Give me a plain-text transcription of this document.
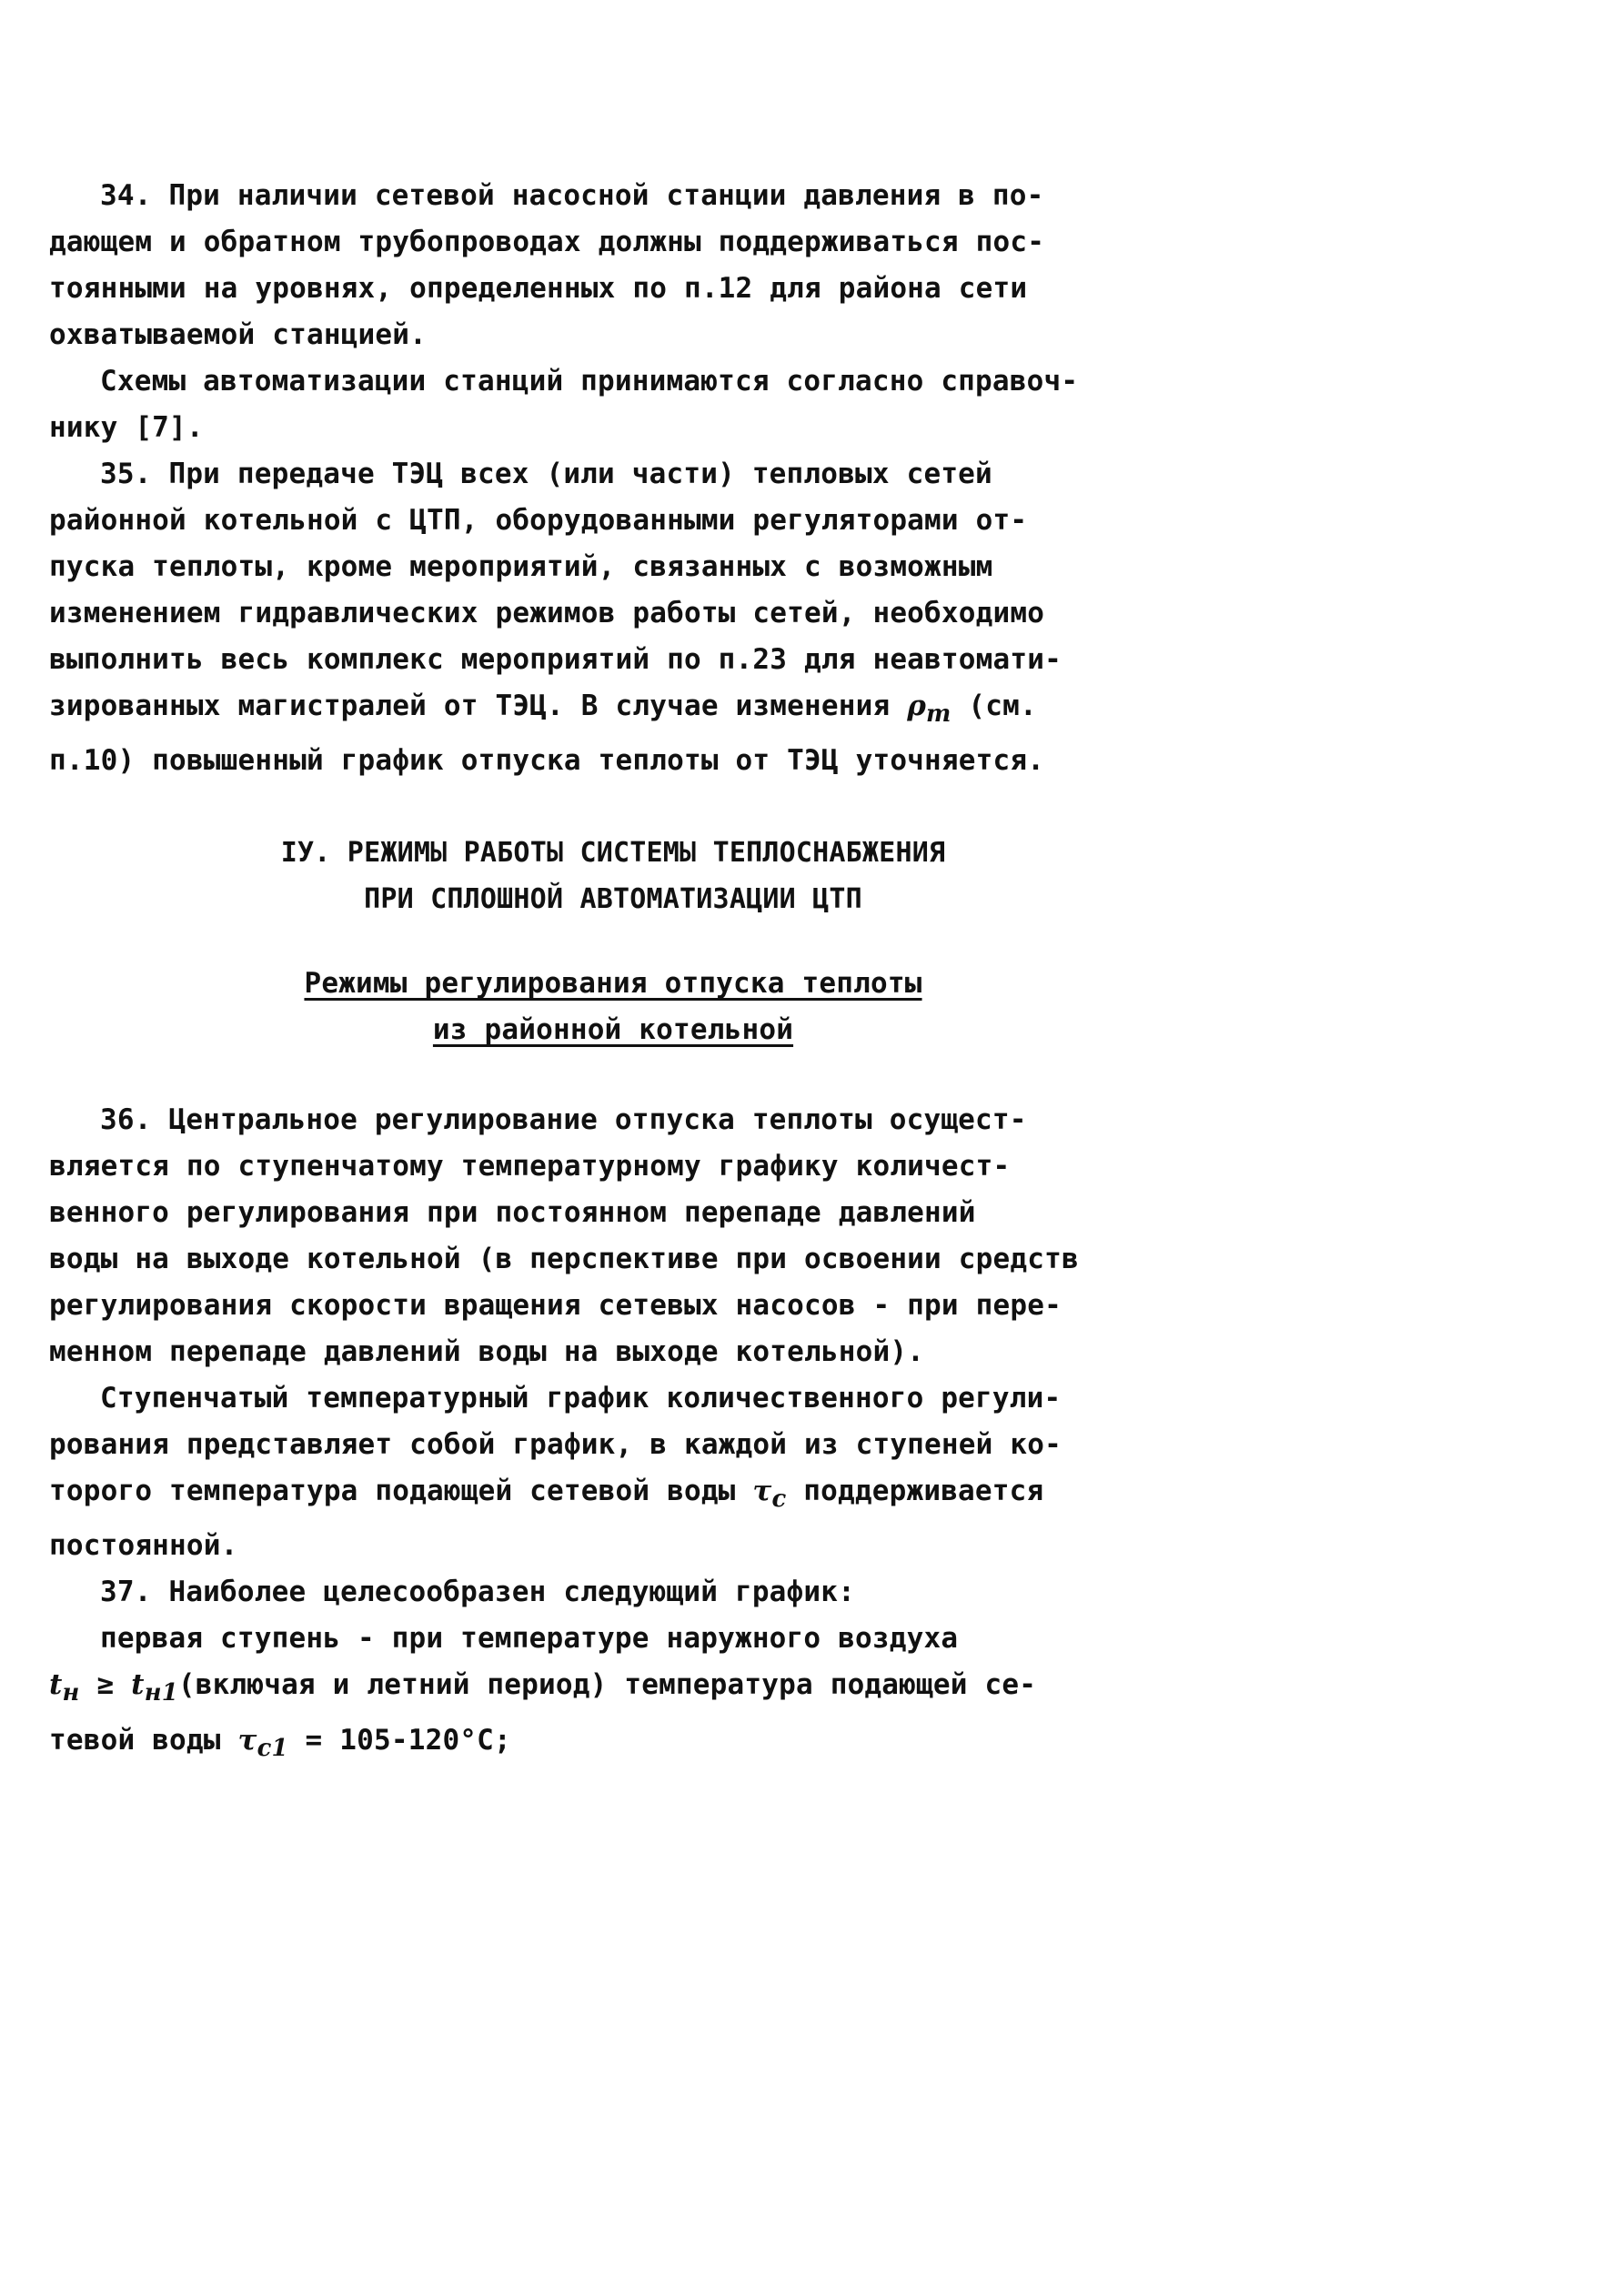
34. При наличии сетевой насосной станции давления в по-
дающем и обратном трубопроводах должны поддерживаться пос-
тоянными на уровнях, определенных по п.12 для района сети
охватываемой станцией.
Схемы автоматизации станций принимаются согласно справоч-
нику [7].
35. При передаче ТЭЦ всех (или части) тепловых сетей
районной котельной с ЦТП, оборудованными регуляторами от-
пуска теплоты, кроме мероприятий, связанных с возможным
изменением гидравлических режимов работы сетей, необходимо
выполнить весь комплекс мероприятий по п.23 для неавтомати-
зированных магистралей от ТЭЦ. В случае изменения $\rho_т$ (см.
п.10) повышенный график отпуска теплоты от ТЭЦ уточняется.
IУ. РЕЖИМЫ РАБОТЫ СИСТЕМЫ ТЕПЛОСНАБЖЕНИЯ
ПРИ СПЛОШНОЙ АВТОМАТИЗАЦИИ ЦТП
Режимы регулирования отпуска теплоты
из районной котельной
36. Центральное регулирование отпуска теплоты осущест-
вляется по ступенчатому температурному графику количест-
венного регулирования при постоянном перепаде давлений
воды на выходе котельной (в перспективе при освоении средств
регулирования скорости вращения сетевых насосов - при пере-
менном перепаде давлений воды на выходе котельной).
Ступенчатый температурный график количественного регули-
рования представляет собой график, в каждой из ступеней ко-
торого температура подающей сетевой воды $\tau_с$ поддерживается
постоянной.
37. Наиболее целесообразен следующий график:
первая ступень - при температуре наружного воздуха
$t_н$ ≥ $t_{н1}(включая$ и летний период) температура подающей се-
тевой воды $\tau_{с1} = 105-120^\circ C$;
